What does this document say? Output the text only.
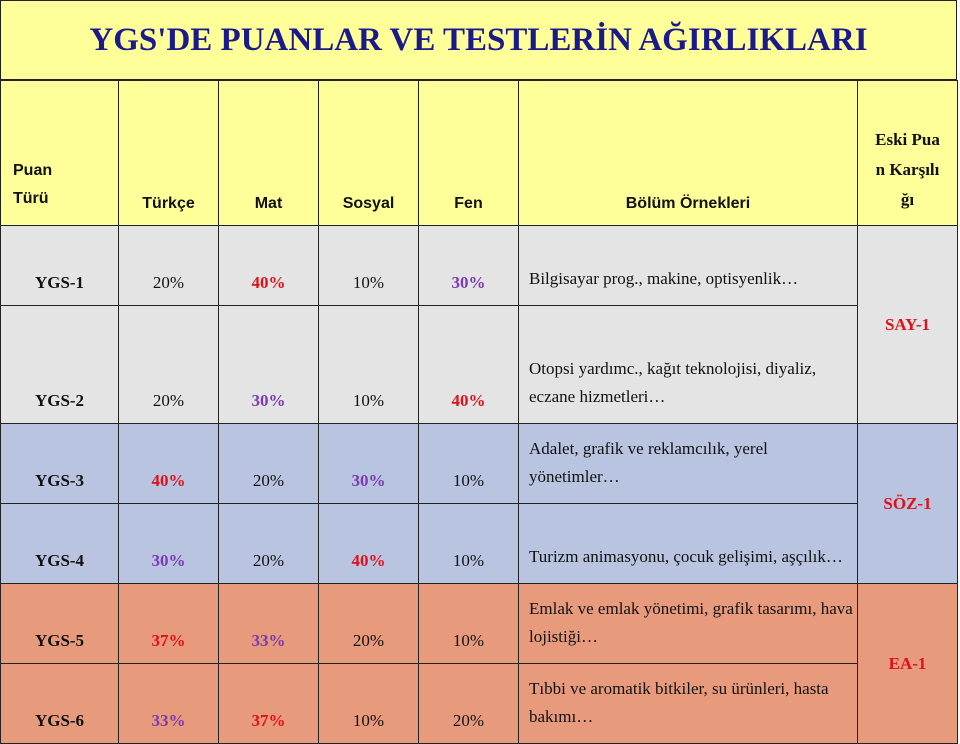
YGS'DE PUANLAR VE TESTLERİN AĞIRLIKLARI
Puan Türü	Türkçe	Mat	Sosyal	Fen	Bölüm Örnekleri	Eski Puan Karşılığı

YGS-1	20%	40%	10%	30%	Bilgisayar prog., makine, optisyenlik…	SAY-1
YGS-2	20%	30%	10%	40%	Otopsi yardımc., kağıt teknolojisi, diyaliz, eczane hizmetleri…	
YGS-3	40%	20%	30%	10%	Adalet, grafik ve reklamcılık, yerel yönetimler…	SÖZ-1
YGS-4	30%	20%	40%	10%	Turizm animasyonu, çocuk gelişimi, aşçılık…	
YGS-5	37%	33%	20%	10%	Emlak ve emlak yönetimi, grafik tasarımı, hava lojistiği…	EA-1
YGS-6	33%	37%	10%	20%	Tıbbi ve aromatik bitkiler, su ürünleri, hasta bakımı…	
